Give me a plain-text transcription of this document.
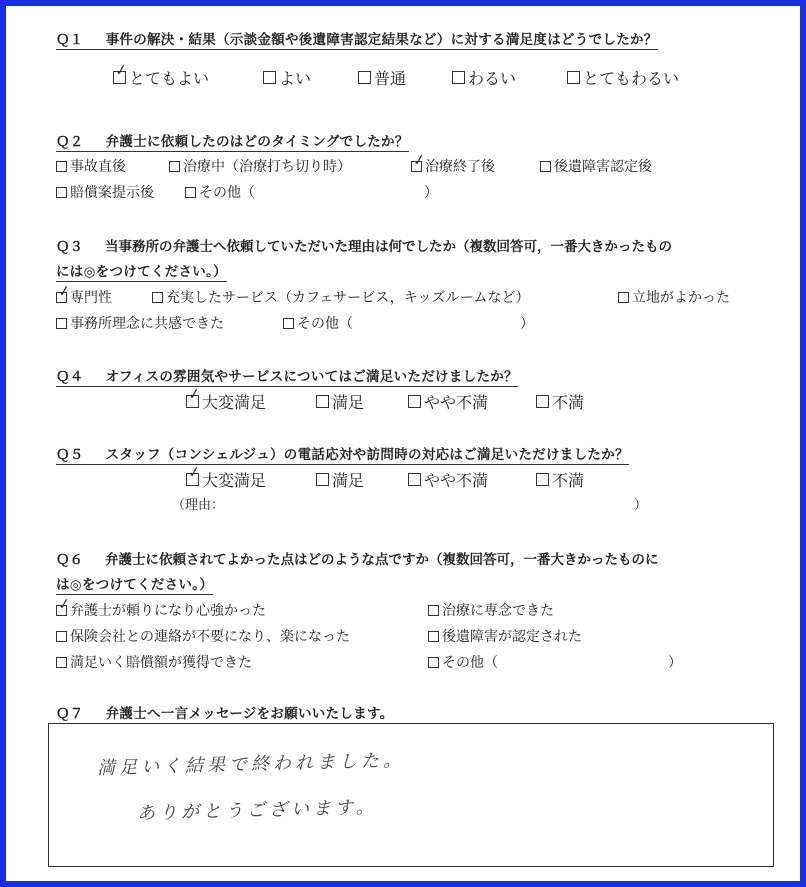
Ｑ１ 事件の解決・結果（示談金額や後遺障害認定結果など）に対する満足度はどうでしたか？
✓ とてもよい	よい	普通	わるい	とてもわるい
Ｑ２ 弁護士に依頼したのはどのタイミングでしたか？
事故直後	治療中（治療打ち切り時）	✓
治療終了後	後遺障害認定後
賠償案提示後	その他（	）
Ｑ３ 当事務所の弁護士へ依頼していただいた理由は何でしたか（複数回答可，一番大きかったもの
には◎をつけてください。）
✓
専門性	充実したサービス（カフェサービス，キッズルームなど）	立地がよかった
事務所理念に共感できた	その他（	）
Ｑ４ オフィスの雰囲気やサービスについてはご満足いただけましたか？
✓ 大変満足	満足	やや不満	不満
Ｑ５ スタッフ（コンシェルジュ）の電話応対や訪問時の対応はご満足いただけましたか？
✓ 大変満足	満足	やや不満	不満
（理由：	）
Ｑ６ 弁護士に依頼されてよかった点はどのような点ですか（複数回答可，一番大きかったものに
は◎をつけてください。）
✓
弁護士が頼りになり心強かった	治療に専念できた
保険会社との連絡が不要になり、楽になった	後遺障害が認定された
満足いく賠償額が獲得できた	その他（	）
Ｑ７ 弁護士へ一言メッセージをお願いいたします。
満足いく結果で終われました。
ありがとうございます。
